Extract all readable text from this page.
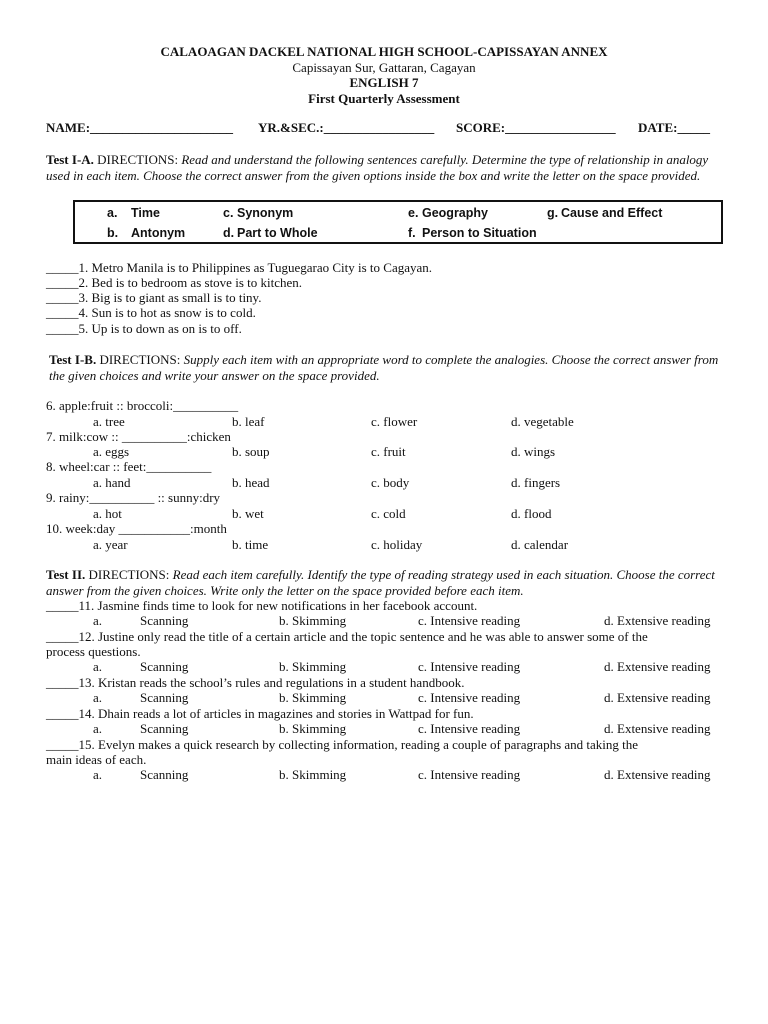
CALAOAGAN DACKEL NATIONAL HIGH SCHOOL-CAPISSAYAN ANNEX
Capissayan Sur, Gattaran, Cagayan
ENGLISH 7
First Quarterly Assessment
NAME:______________________ YR.&SEC.:_________________ SCORE:_________________ DATE:_____
Test I-A. DIRECTIONS: Read and understand the following sentences carefully. Determine the type of relationship in analogy used in each item. Choose the correct answer from the given options inside the box and write the letter on the space provided.
a. Time	c. Synonym	e. Geography	g. Cause and Effect
b. Antonym	d. Part to Whole	f. Person to Situation
_____1. Metro Manila is to Philippines as Tuguegarao City is to Cagayan.
_____2. Bed is to bedroom as stove is to kitchen.
_____3. Big is to giant as small is to tiny.
_____4. Sun is to hot as snow is to cold.
_____5. Up is to down as on is to off.
Test I-B. DIRECTIONS: Supply each item with an appropriate word to complete the analogies. Choose the correct answer from the given choices and write your answer on the space provided.
6. apple:fruit :: broccoli:__________
a. tree	b. leaf	c. flower	d. vegetable
7. milk:cow :: __________:chicken
a. eggs	b. soup	c. fruit	d. wings
8. wheel:car :: feet:__________
a. hand	b. head	c. body	d. fingers
9. rainy:__________ :: sunny:dry
a. hot	b. wet	c. cold	d. flood
10. week:day ___________:month
a. year	b. time	c. holiday	d. calendar
Test II. DIRECTIONS: Read each item carefully. Identify the type of reading strategy used in each situation. Choose the correct answer from the given choices. Write only the letter on the space provided before each item.
_____11. Jasmine finds time to look for new notifications in her facebook account.
a.	Scanning	b. Skimming	c. Intensive reading	d. Extensive reading
_____12. Justine only read the title of a certain article and the topic sentence and he was able to answer some of the
process questions.
a.	Scanning	b. Skimming	c. Intensive reading	d. Extensive reading
_____13. Kristan reads the school’s rules and regulations in a student handbook.
a.	Scanning	b. Skimming	c. Intensive reading	d. Extensive reading
_____14. Dhain reads a lot of articles in magazines and stories in Wattpad for fun.
a.	Scanning	b. Skimming	c. Intensive reading	d. Extensive reading
_____15. Evelyn makes a quick research by collecting information, reading a couple of paragraphs and taking the
main ideas of each.
a.	Scanning	b. Skimming	c. Intensive reading	d. Extensive reading
